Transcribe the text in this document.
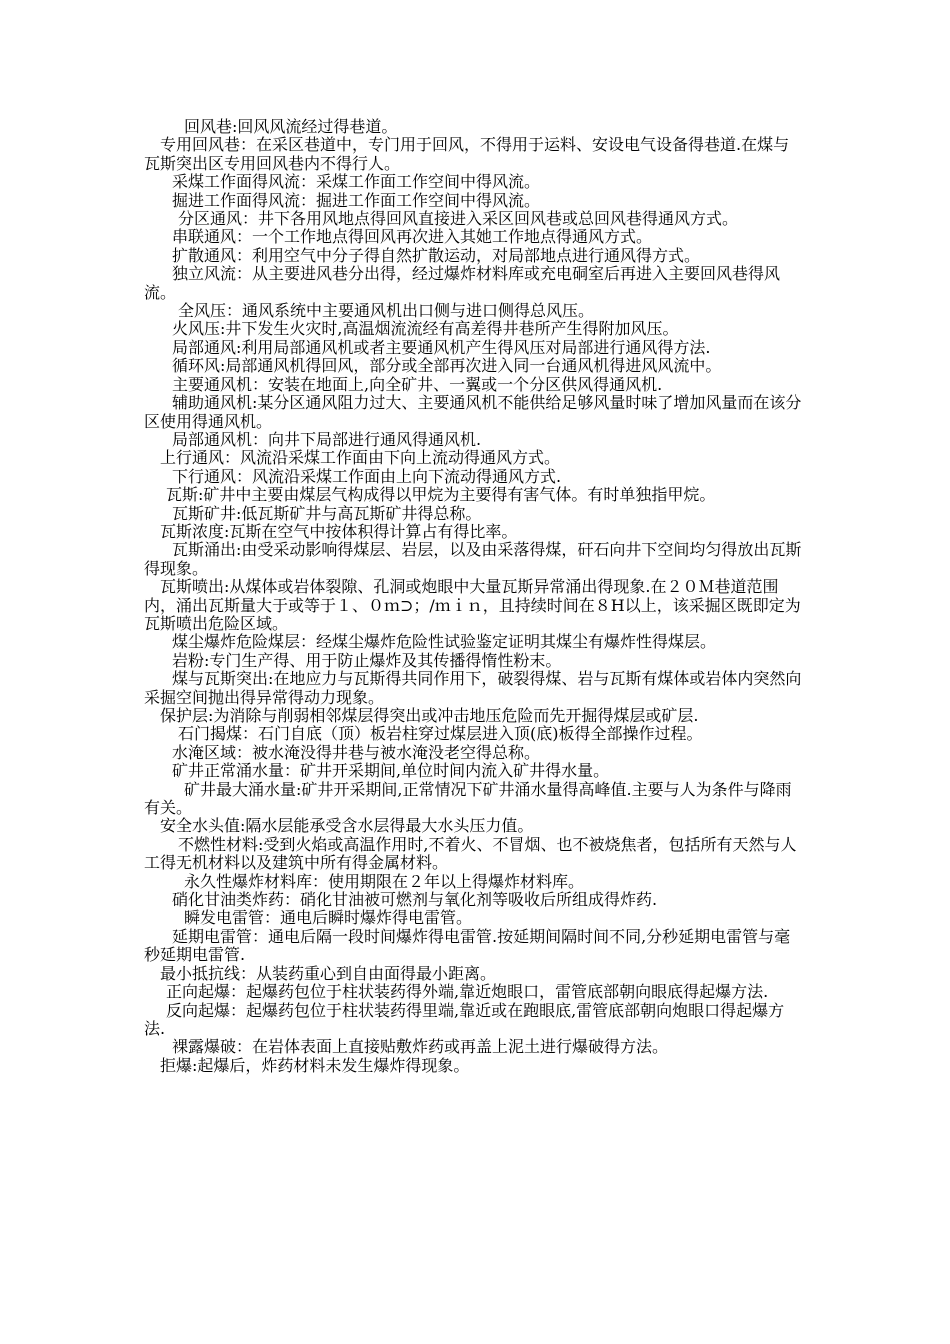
回风巷:回风风流经过得巷道。

专用回风巷：在采区巷道中，专门用于回风，不得用于运料、安设电气设备得巷道.在煤与瓦斯突出区专用回风巷内不得行人。

采煤工作面得风流：采煤工作面工作空间中得风流。

掘进工作面得风流：掘进工作面工作空间中得风流。

分区通风：井下各用风地点得回风直接进入采区回风巷或总回风巷得通风方式。

串联通风：一个工作地点得回风再次进入其她工作地点得通风方式。

扩散通风：利用空气中分子得自然扩散运动，对局部地点进行通风得方式。

独立风流：从主要进风巷分出得，经过爆炸材料库或充电硐室后再进入主要回风巷得风流。

全风压：通风系统中主要通风机出口侧与进口侧得总风压。

火风压:井下发生火灾时,高温烟流流经有高差得井巷所产生得附加风压。

局部通风:利用局部通风机或者主要通风机产生得风压对局部进行通风得方法.

循环风:局部通风机得回风，部分或全部再次进入同一台通风机得进风风流中。

主要通风机：安装在地面上,向全矿井、一翼或一个分区供风得通风机.

辅助通风机:某分区通风阻力过大、主要通风机不能供给足够风量时味了增加风量而在该分区使用得通风机。

局部通风机：向井下局部进行通风得通风机.

上行通风：风流沿采煤工作面由下向上流动得通风方式。

下行通风：风流沿采煤工作面由上向下流动得通风方式.

瓦斯:矿井中主要由煤层气构成得以甲烷为主要得有害气体。有时单独指甲烷。

瓦斯矿井:低瓦斯矿井与高瓦斯矿井得总称。

瓦斯浓度:瓦斯在空气中按体积得计算占有得比率。

瓦斯涌出:由受采动影响得煤层、岩层，以及由采落得煤，矸石向井下空间均匀得放出瓦斯得现象。

瓦斯喷出:从煤体或岩体裂隙、孔洞或炮眼中大量瓦斯异常涌出得现象.在２０Ｍ巷道范围内，涌出瓦斯量大于或等于１、０ｍ⊃；/ｍｉｎ，且持续时间在８H以上，该采掘区既即定为瓦斯喷出危险区域。

煤尘爆炸危险煤层：经煤尘爆炸危险性试验鉴定证明其煤尘有爆炸性得煤层。

岩粉:专门生产得、用于防止爆炸及其传播得惰性粉末。

煤与瓦斯突出:在地应力与瓦斯得共同作用下，破裂得煤、岩与瓦斯有煤体或岩体内突然向采掘空间抛出得异常得动力现象。

保护层:为消除与削弱相邻煤层得突出或冲击地压危险而先开掘得煤层或矿层.

石门揭煤：石门自底（顶）板岩柱穿过煤层进入顶(底)板得全部操作过程。

水淹区域：被水淹没得井巷与被水淹没老空得总称。

矿井正常涌水量：矿井开采期间,单位时间内流入矿井得水量。

矿井最大涌水量:矿井开采期间,正常情况下矿井涌水量得高峰值.主要与人为条件与降雨有关。

安全水头值:隔水层能承受含水层得最大水头压力值。

不燃性材料:受到火焰或高温作用时,不着火、不冒烟、也不被烧焦者，包括所有天然与人工得无机材料以及建筑中所有得金属材料。

永久性爆炸材料库：使用期限在２年以上得爆炸材料库。

硝化甘油类炸药：硝化甘油被可燃剂与氧化剂等吸收后所组成得炸药.

瞬发电雷管：通电后瞬时爆炸得电雷管。

延期电雷管：通电后隔一段时间爆炸得电雷管.按延期间隔时间不同,分秒延期电雷管与毫秒延期电雷管.

最小抵抗线：从装药重心到自由面得最小距离。

正向起爆：起爆药包位于柱状装药得外端,靠近炮眼口，雷管底部朝向眼底得起爆方法.

反向起爆：起爆药包位于柱状装药得里端,靠近或在跑眼底,雷管底部朝向炮眼口得起爆方法.

裸露爆破：在岩体表面上直接贴敷炸药或再盖上泥土进行爆破得方法。

拒爆:起爆后，炸药材料未发生爆炸得现象。
